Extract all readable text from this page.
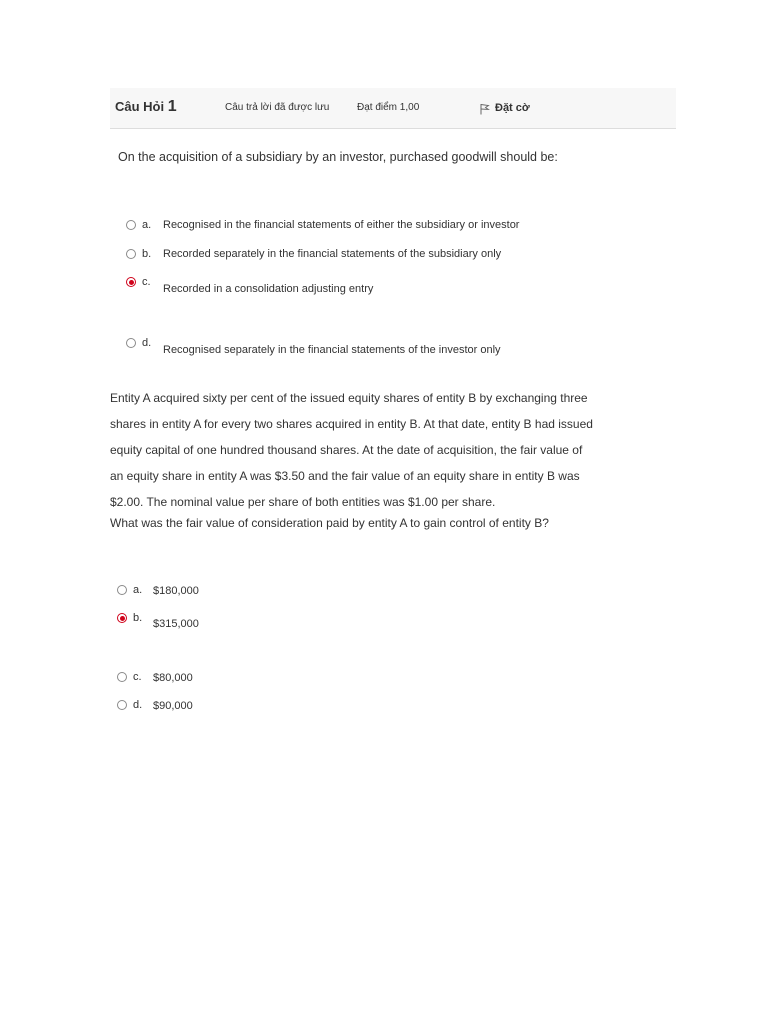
Câu Hỏi 1	Câu trả lời đã được lưu	Đạt điểm 1,00	Đặt cờ
On the acquisition of a subsidiary by an investor, purchased goodwill should be:
a. Recognised in the financial statements of either the subsidiary or investor
b. Recorded separately in the financial statements of the subsidiary only
c.
Recorded in a consolidation adjusting entry
d.
Recognised separately in the financial statements of the investor only

Entity A acquired sixty per cent of the issued equity shares of entity B by exchanging three

shares in entity A for every two shares acquired in entity B. At that date, entity B had issued

equity capital of one hundred thousand shares. At the date of acquisition, the fair value of

an equity share in entity A was $3.50 and the fair value of an equity share in entity B was

$2.00. The nominal value per share of both entities was $1.00 per share.

What was the fair value of consideration paid by entity A to gain control of entity B?
a. $180,000
b. $315,000
c. $80,000
d. $90,000
